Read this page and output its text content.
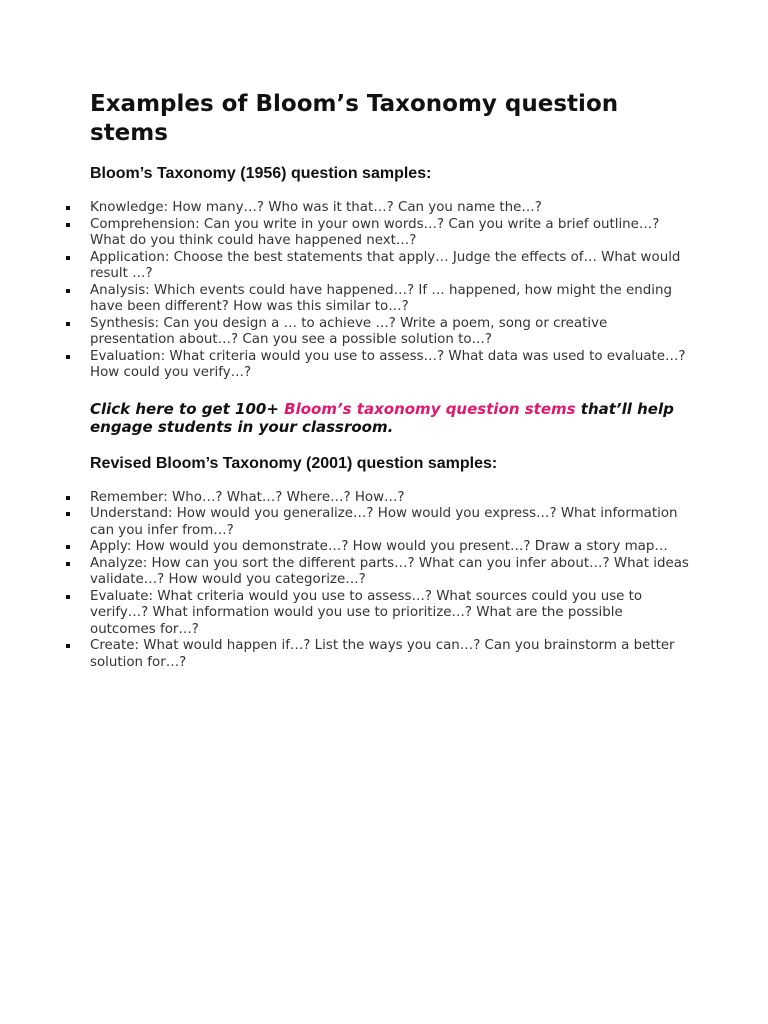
Examples of Bloom’s Taxonomy question stems
Bloom’s Taxonomy (1956) question samples:
Knowledge: How many…? Who was it that…? Can you name the…?
Comprehension: Can you write in your own words…? Can you write a brief outline…? What do you think could have happened next…?
Application: Choose the best statements that apply… Judge the effects of… What would result …?
Analysis: Which events could have happened…? If … happened, how might the ending have been different? How was this similar to…?
Synthesis: Can you design a … to achieve …? Write a poem, song or creative presentation about…? Can you see a possible solution to…?
Evaluation: What criteria would you use to assess…? What data was used to evaluate…? How could you verify…?

Click here to get 100+ Bloom’s taxonomy question stems that’ll help engage students in your classroom.

Revised Bloom’s Taxonomy (2001) question samples:
Remember: Who…? What…? Where…? How…?
Understand: How would you generalize…? How would you express…? What information can you infer from…?
Apply: How would you demonstrate…? How would you present…? Draw a story map…
Analyze: How can you sort the different parts…? What can you infer about…? What ideas validate…? How would you categorize…?
Evaluate: What criteria would you use to assess…? What sources could you use to verify…? What information would you use to prioritize…? What are the possible outcomes for…?
Create: What would happen if…? List the ways you can…? Can you brainstorm a better solution for…?
